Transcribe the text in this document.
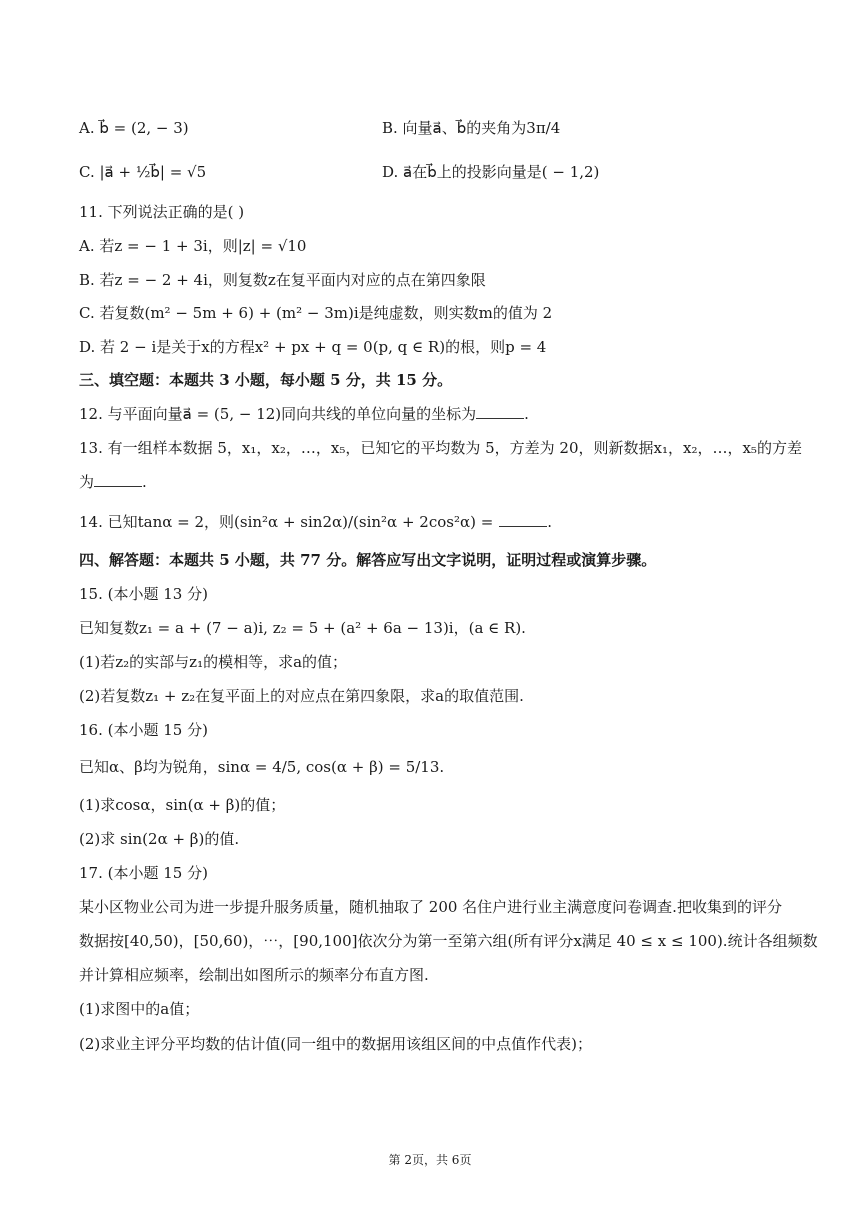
A. b⃗ = (2, − 3)	B. 向量a⃗、b⃗的夹角为3π/4
C. |a⃗ + ½b⃗| = √5	D. a⃗在b⃗上的投影向量是( − 1,2)
11. 下列说法正确的是( )
A. 若z = − 1 + 3i，则|z| = √10
B. 若z = − 2 + 4i，则复数z在复平面内对应的点在第四象限
C. 若复数(m² − 5m + 6) + (m² − 3m)i是纯虚数，则实数m的值为 2
D. 若 2 − i是关于x的方程x² + px + q = 0(p, q ∈ R)的根，则p = 4
三、填空题：本题共 3 小题，每小题 5 分，共 15 分。
12. 与平面向量a⃗ = (5, − 12)同向共线的单位向量的坐标为	.
13. 有一组样本数据 5，x₁，x₂，…，x₅，已知它的平均数为 5，方差为 20，则新数据x₁，x₂，…，x₅的方差
为	.
14. 已知tanα = 2，则(sin²α + sin2α)/(sin²α + 2cos²α) =	.
四、解答题：本题共 5 小题，共 77 分。解答应写出文字说明，证明过程或演算步骤。
15. (本小题 13 分)
已知复数z₁ = a + (7 − a)i, z₂ = 5 + (a² + 6a − 13)i，(a ∈ R).
(1)若z₂的实部与z₁的模相等，求a的值；
(2)若复数z₁ + z₂在复平面上的对应点在第四象限，求a的取值范围.
16. (本小题 15 分)
已知α、β均为锐角，sinα = 4/5, cos(α + β) = 5/13.
(1)求cosα，sin(α + β)的值；
(2)求 sin(2α + β)的值.
17. (本小题 15 分)
某小区物业公司为进一步提升服务质量，随机抽取了 200 名住户进行业主满意度问卷调查.把收集到的评分
数据按[40,50)，[50,60)，⋯，[90,100]依次分为第一至第六组(所有评分x满足 40 ≤ x ≤ 100).统计各组频数
并计算相应频率，绘制出如图所示的频率分布直方图.
(1)求图中的a值；
(2)求业主评分平均数的估计值(同一组中的数据用该组区间的中点值作代表)；
第 2页，共 6页
